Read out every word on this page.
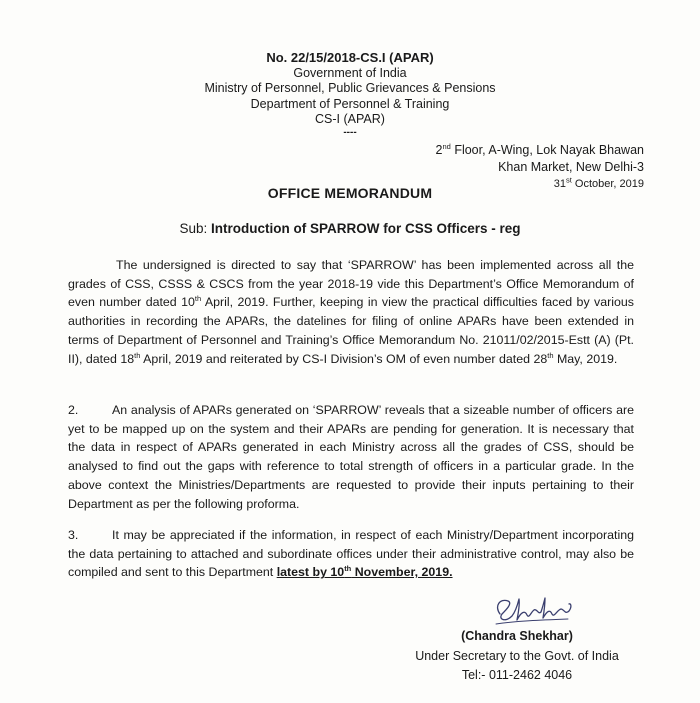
No. 22/15/2018-CS.I (APAR)
Government of India
Ministry of Personnel, Public Grievances & Pensions
Department of Personnel & Training
CS-I (APAR)
----
2nd Floor, A-Wing, Lok Nayak Bhawan
Khan Market, New Delhi-3
31st October, 2019
OFFICE MEMORANDUM
Sub: Introduction of SPARROW for CSS Officers - reg
The undersigned is directed to say that ‘SPARROW’ has been implemented across all the grades of CSS, CSSS & CSCS from the year 2018-19 vide this Department’s Office Memorandum of even number dated 10th April, 2019. Further, keeping in view the practical difficulties faced by various authorities in recording the APARs, the datelines for filing of online APARs have been extended in terms of Department of Personnel and Training’s Office Memorandum No. 21011/02/2015-Estt (A) (Pt. II), dated 18th April, 2019 and reiterated by CS-I Division’s OM of even number dated 28th May, 2019.
2.	An analysis of APARs generated on ‘SPARROW’ reveals that a sizeable number of officers are yet to be mapped up on the system and their APARs are pending for generation. It is necessary that the data in respect of APARs generated in each Ministry across all the grades of CSS, should be analysed to find out the gaps with reference to total strength of officers in a particular grade. In the above context the Ministries/Departments are requested to provide their inputs pertaining to their Department as per the following proforma.
3.	It may be appreciated if the information, in respect of each Ministry/Department incorporating the data pertaining to attached and subordinate offices under their administrative control, may also be compiled and sent to this Department latest by 10th November, 2019.
(Chandra Shekhar)
Under Secretary to the Govt. of India
Tel:- 011-2462 4046
